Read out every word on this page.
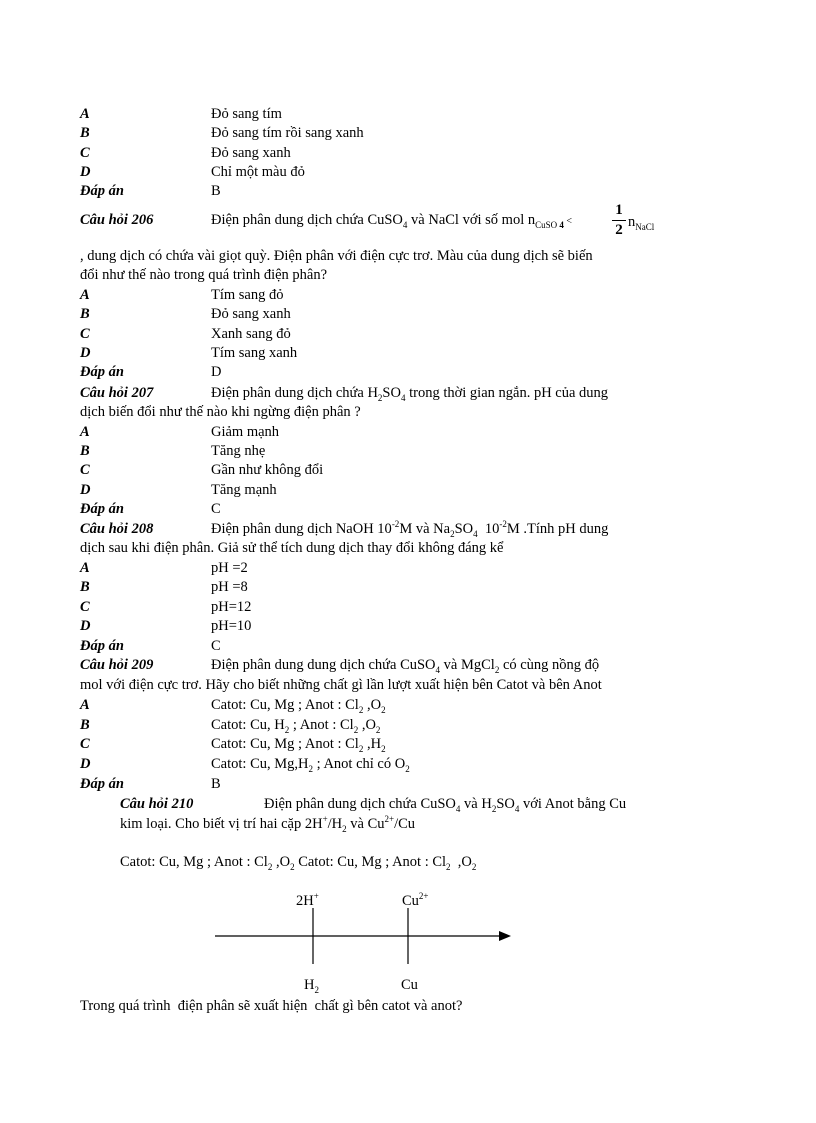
A	Đỏ sang tím
B	Đỏ sang tím rồi sang xanh
C	Đỏ sang xanh
D	Chỉ một màu đỏ
Đáp án	B
Câu hỏi 206	Điện phân dung dịch chứa CuSO$_4$ và NaCl với số mol $n_{CuSO 4}$ <
1
2 $n_{NaCl}$
, dung dịch có chứa vài giọt quỳ. Điện phân với điện cực trơ. Màu của dung dịch sẽ biến
đổi như thế nào trong quá trình điện phân?
A	Tím sang đỏ
B	Đỏ sang xanh
C	Xanh sang đỏ
D	Tím sang xanh
Đáp án	D
Câu hỏi 207	Điện phân dung dịch chứa $H_2SO_4$ trong thời gian ngắn. pH của dung
dịch biến đổi như thế nào khi ngừng điện phân ?
A	Giảm mạnh
B	Tăng nhẹ
C	Gần như không đổi
D	Tăng mạnh
Đáp án	C
Câu hỏi 208	Điện phân dung dịch NaOH $10^{-2}M$ và $Na_2SO_4$  $10^{-2}M$ .Tính pH dung
dịch sau khi điện phân. Giả sử thể tích dung dịch thay đổi không đáng kể
A	pH =2
B	pH =8
C	pH=12
D	pH=10
Đáp án	C
Câu hỏi 209	Điện phân dung dung dịch chứa CuSO$_4$ và MgCl$_2$ có cùng nồng độ
mol với điện cực trơ. Hãy cho biết những chất gì lần lượt xuất hiện bên Catot và bên Anot
A	Catot: Cu, Mg ; Anot : $Cl_2$ $,O_2$
B	Catot: Cu, $H_2$ ; Anot : $Cl_2$ $,O_2$
C	Catot: Cu, Mg ; Anot : $Cl_2$ $,H_2$
D	Catot: Cu, $Mg,H_2$ ; Anot chỉ có $O_2$
Đáp án	B
Câu hỏi 210	Điện phân dung dịch chứa CuSO$_4$ và $H_2SO_4$ với Anot bằng Cu
kim loại. Cho biết vị trí hai cặp $2H^+/H_2$ và $Cu^{2+}/Cu$
Catot: Cu, Mg ; Anot : $Cl_2$ $,O_2$ Catot: Cu, Mg ; Anot : $Cl_2$  $,O_2$
2H+	$Cu^{2+}$
$H_2$	Cu
Trong quá trình  điện phân sẽ xuất hiện  chất gì bên catot và anot?
